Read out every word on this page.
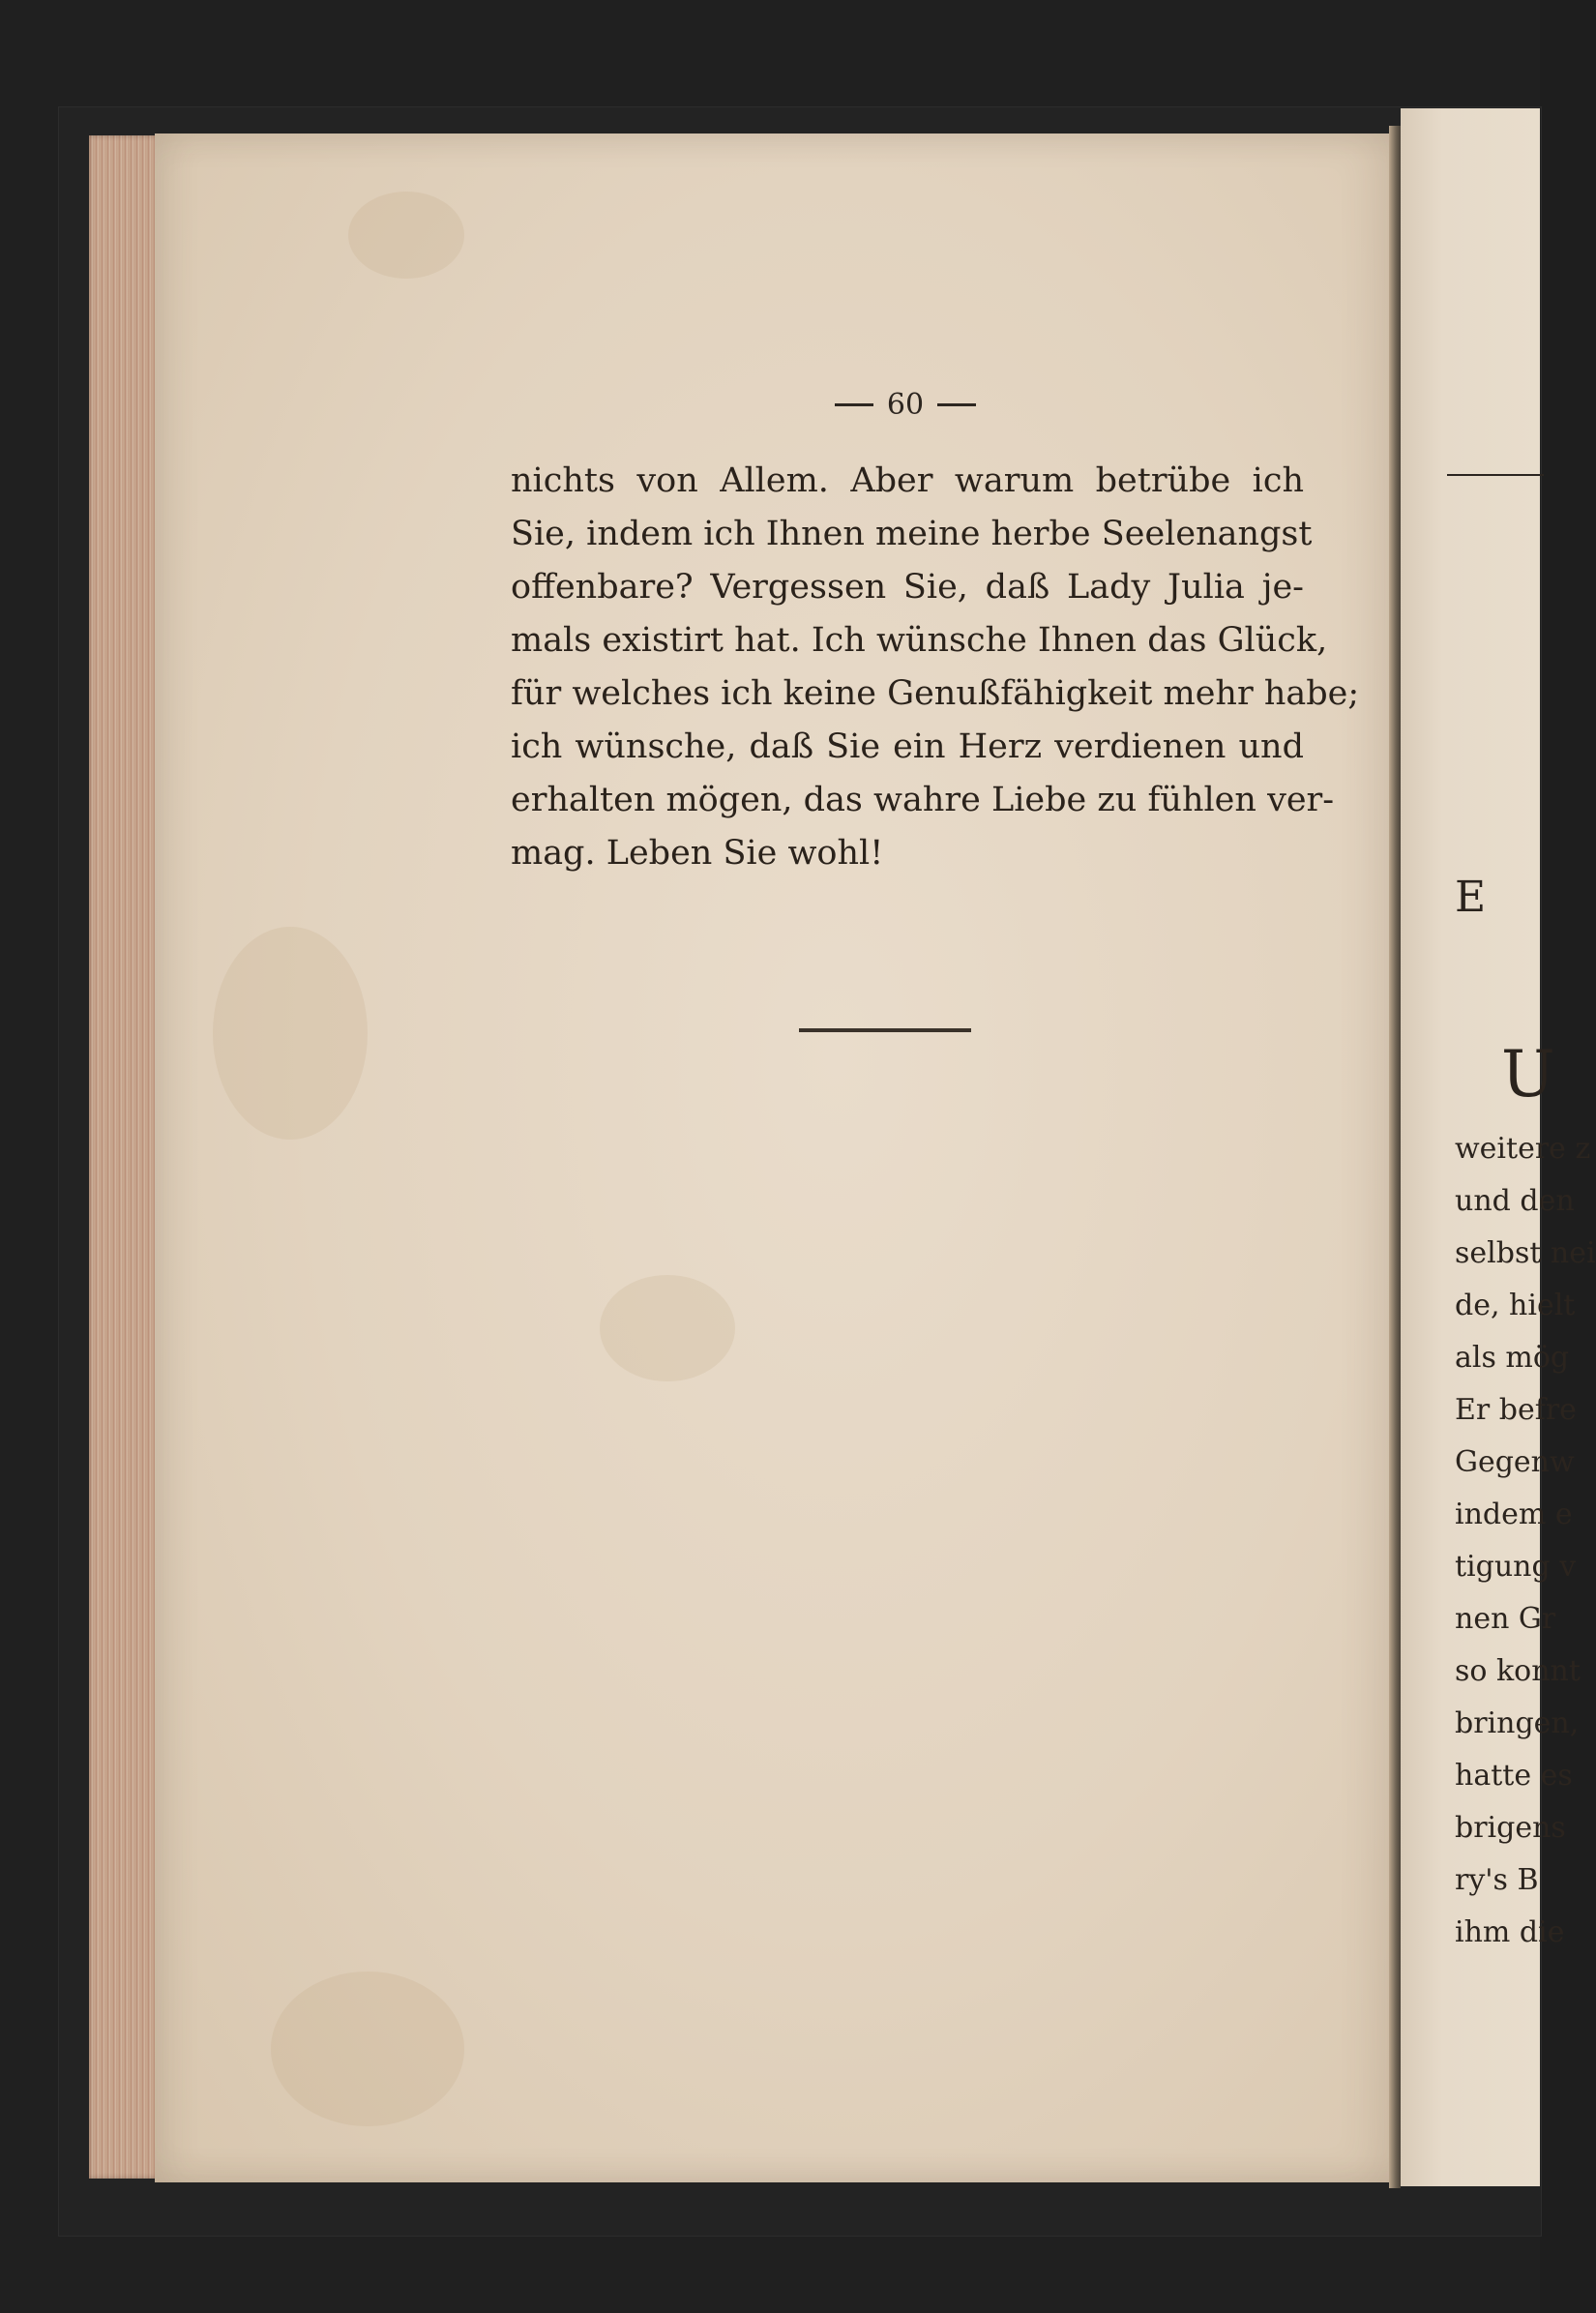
60
nichts von Allem. Aber warum betrübe ich
Sie, indem ich Ihnen meine herbe Seelenangst
offenbare? Vergessen Sie, daß Lady Julia je-
mals existirt hat. Ich wünsche Ihnen das Glück,
für welches ich keine Genußfähigkeit mehr habe;
ich wünsche, daß Sie ein Herz verdienen und
erhalten mögen, das wahre Liebe zu fühlen ver-
mag. Leben Sie wohl!
E
U
weitere z
und den
selbst nei
de, hielt
als mög
Er befre
Gegenw
indem e
tigung v
nen Gr
so konnt
bringen,
hatte es
brigens
ry's B
ihm die
